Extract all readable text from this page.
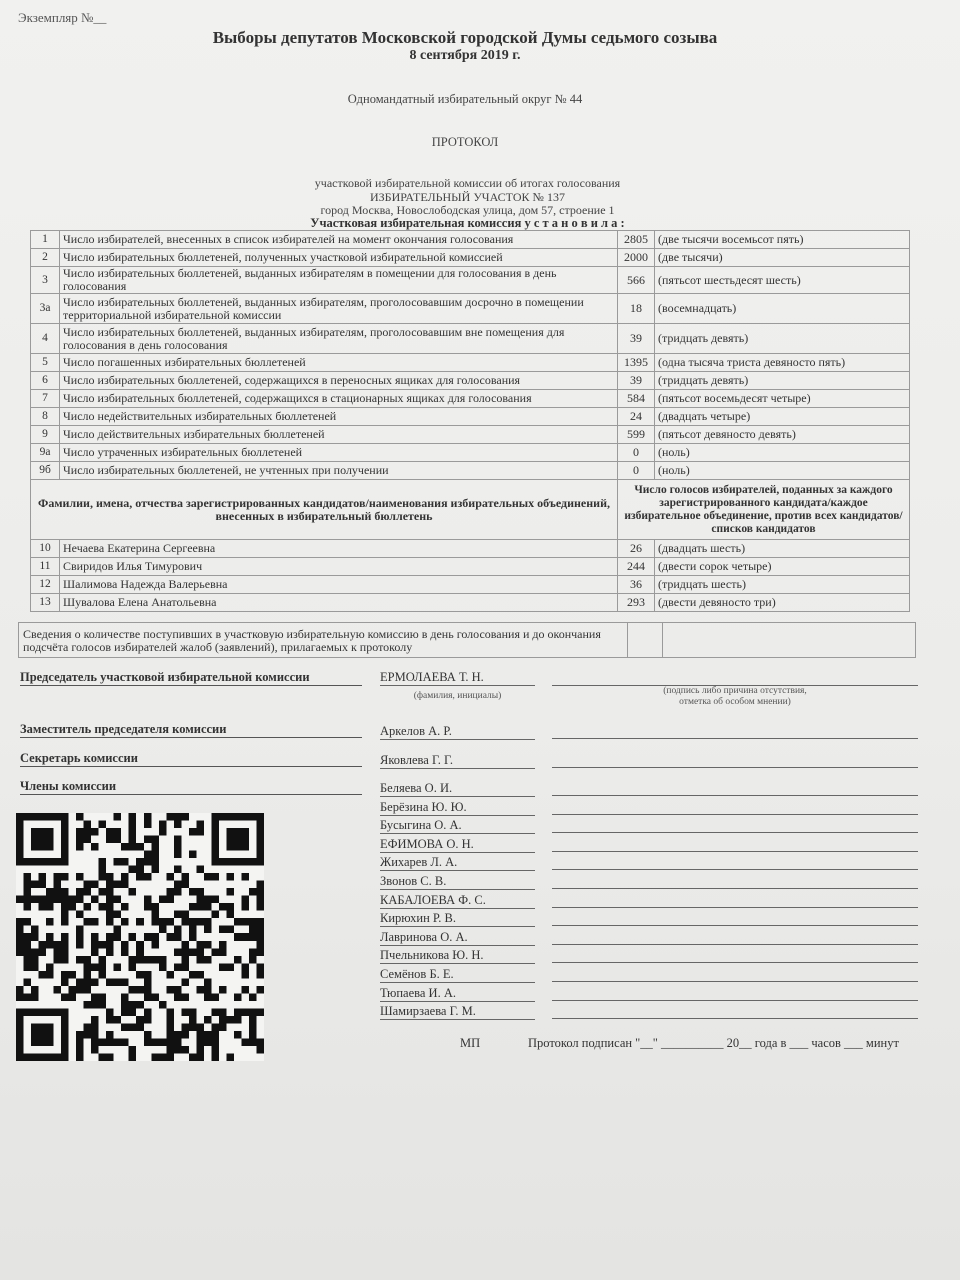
Экземпляр №__
Выборы депутатов Московской городской Думы седьмого созыва
8 сентября 2019 г.
Одномандатный избирательный округ № 44
ПРОТОКОЛ
участковой избирательной комиссии об итогах голосования
ИЗБИРАТЕЛЬНЫЙ УЧАСТОК № 137
город Москва, Новослободская улица, дом 57, строение 1
Участковая избирательная комиссия у с т а н о в и л а :
1	Число избирателей, внесенных в список избирателей на момент окончания голосования	2805	(две тысячи восемьсот пять)
2	Число избирательных бюллетеней, полученных участковой избирательной комиссией	2000	(две тысячи)
3	Число избирательных бюллетеней, выданных избирателям в помещении для голосования в день голосования	566	(пятьсот шестьдесят шесть)
3а	Число избирательных бюллетеней, выданных избирателям, проголосовавшим досрочно в помещении территориальной избирательной комиссии	18	(восемнадцать)
4	Число избирательных бюллетеней, выданных избирателям, проголосовавшим вне помещения для голосования в день голосования	39	(тридцать девять)
5	Число погашенных избирательных бюллетеней	1395	(одна тысяча триста девяносто пять)
6	Число избирательных бюллетеней, содержащихся в переносных ящиках для голосования	39	(тридцать девять)
7	Число избирательных бюллетеней, содержащихся в стационарных ящиках для голосования	584	(пятьсот восемьдесят четыре)
8	Число недействительных избирательных бюллетеней	24	(двадцать четыре)
9	Число действительных избирательных бюллетеней	599	(пятьсот девяносто девять)
9а	Число утраченных избирательных бюллетеней	0	(ноль)
9б	Число избирательных бюллетеней, не учтенных при получении	0	(ноль)
Фамилии, имена, отчества зарегистрированных кандидатов/наименования избирательных объединений, внесенных в избирательный бюллетень		Число голосов избирателей, поданных за каждого зарегистрированного кандидата/каждое избирательное объединение, против всех кандидатов/списков кандидатов	
10	Нечаева Екатерина Сергеевна	26	(двадцать шесть)
11	Свиридов Илья Тимурович	244	(двести сорок четыре)
12	Шалимова Надежда Валерьевна	36	(тридцать шесть)
13	Шувалова Елена Анатольевна	293	(двести девяносто три)
Сведения о количестве поступивших в участковую избирательную комиссию в день голосования и до окончания подсчёта голосов избирателей жалоб (заявлений), прилагаемых к протоколу
Председатель участковой избирательной комиссии	ЕРМОЛАЕВА Т. Н.
(фамилия, инициалы)	(подпись либо причина отсутствия,
отметка об особом мнении)
Заместитель председателя комиссии	Аркелов А. Р.
Секретарь комиссии	Яковлева Г. Г.
Члены комиссии	Беляева О. И.
Берёзина Ю. Ю.
Бусыгина О. А.
ЕФИМОВА О. Н.
Жихарев Л. А.
Звонов С. В.
КАБАЛОЕВА Ф. С.
Кирюхин Р. В.
Лавринова О. А.
Пчельникова Ю. Н.
Семёнов Б. Е.
Тюпаева И. А.
Шамирзаева Г. М.
МП	Протокол подписан "__" __________ 20__ года в ___ часов ___ минут
